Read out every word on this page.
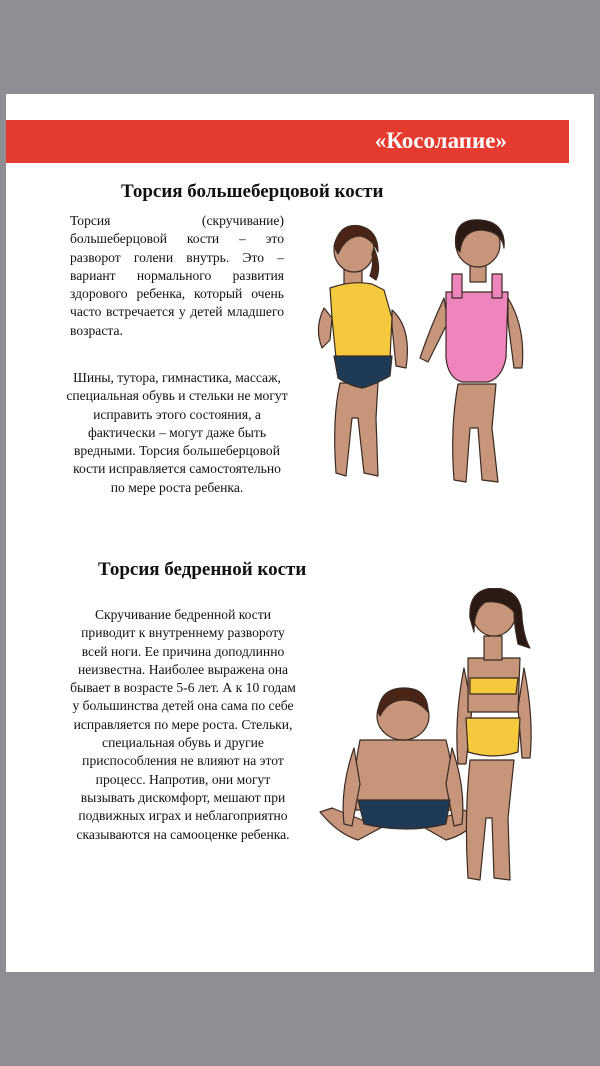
«Косолапие»
Торсия большеберцовой кости
Торсия (скручивание) большеберцовой кости – это разворот голени внутрь. Это – вариант нормального развития здорового ребенка, который очень часто встречается у детей младшего возраста.
Шины, тутора, гимнастика, массаж, специальная обувь и стельки не могут исправить этого состояния, а фактически – могут даже быть вредными. Торсия большеберцовой кости исправляется самостоятельно по мере роста ребенка.
Торсия бедренной кости
Скручивание бедренной кости приводит к внутреннему развороту всей ноги. Ее причина доподлинно неизвестна. Наиболее выражена она бывает в возрасте 5-6 лет. А к 10 годам у большинства детей она сама по себе исправляется по мере роста. Стельки, специальная обувь и другие приспособления не влияют на этот процесс. Напротив, они могут вызывать дискомфорт, мешают при подвижных играх и неблагоприятно сказываются на самооценке ребенка.
